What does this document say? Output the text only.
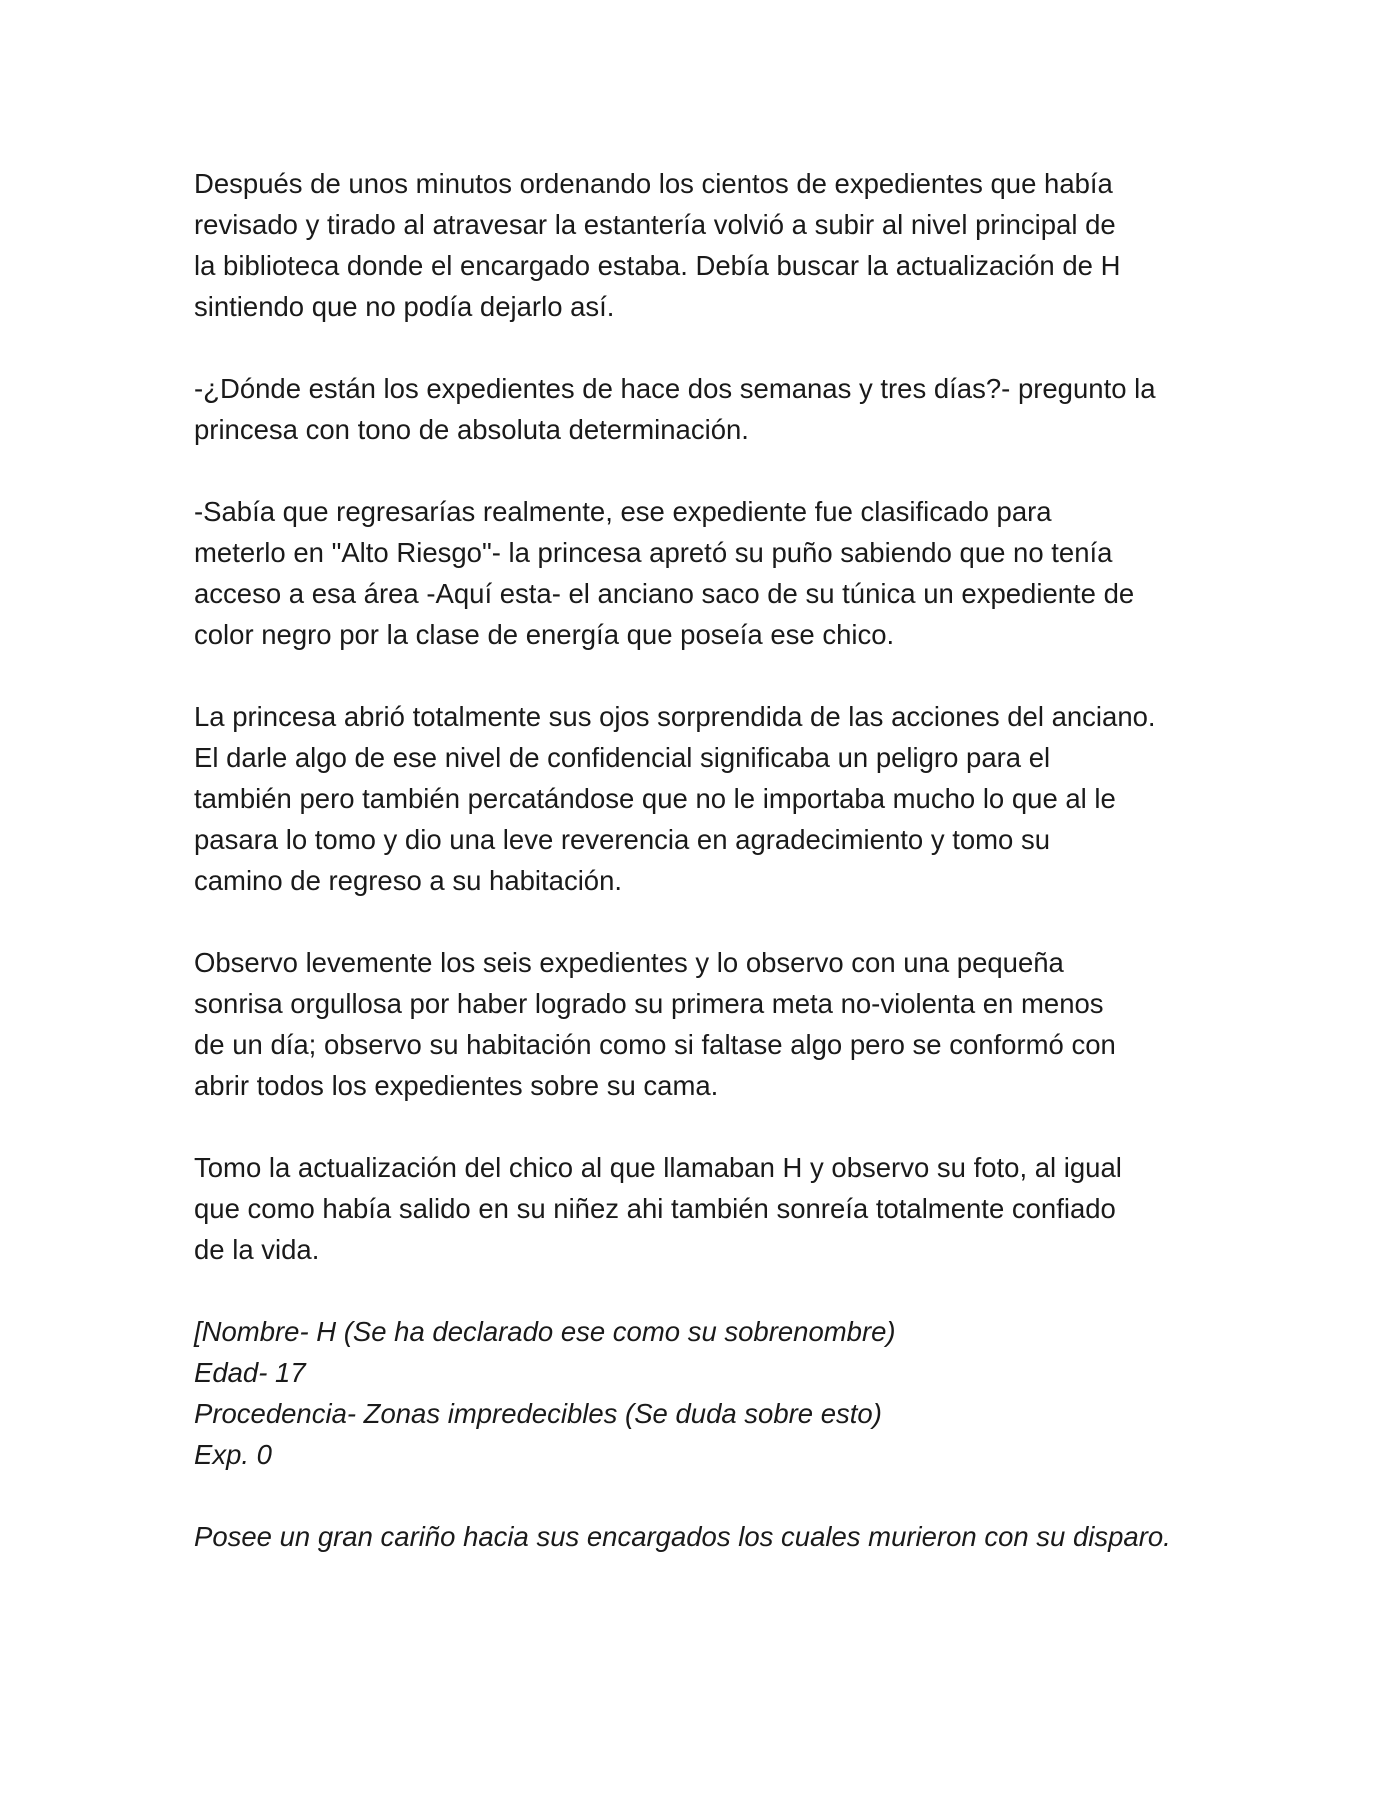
Después de unos minutos ordenando los cientos de expedientes que había
revisado y tirado al atravesar la estantería volvió a subir al nivel principal de
la biblioteca donde el encargado estaba. Debía buscar la actualización de H
sintiendo que no podía dejarlo así.
-¿Dónde están los expedientes de hace dos semanas y tres días?- pregunto la
princesa con tono de absoluta determinación.
-Sabía que regresarías realmente, ese expediente fue clasificado para
meterlo en "Alto Riesgo"- la princesa apretó su puño sabiendo que no tenía
acceso a esa área -Aquí esta- el anciano saco de su túnica un expediente de
color negro por la clase de energía que poseía ese chico.
La princesa abrió totalmente sus ojos sorprendida de las acciones del anciano.
El darle algo de ese nivel de confidencial significaba un peligro para el
también pero también percatándose que no le importaba mucho lo que al le
pasara lo tomo y dio una leve reverencia en agradecimiento y tomo su
camino de regreso a su habitación.
Observo levemente los seis expedientes y lo observo con una pequeña
sonrisa orgullosa por haber logrado su primera meta no-violenta en menos
de un día; observo su habitación como si faltase algo pero se conformó con
abrir todos los expedientes sobre su cama.
Tomo la actualización del chico al que llamaban H y observo su foto, al igual
que como había salido en su niñez ahi también sonreía totalmente confiado
de la vida.
[Nombre- H (Se ha declarado ese como su sobrenombre)
Edad- 17
Procedencia- Zonas impredecibles (Se duda sobre esto)
Exp. 0
Posee un gran cariño hacia sus encargados los cuales murieron con su disparo.
